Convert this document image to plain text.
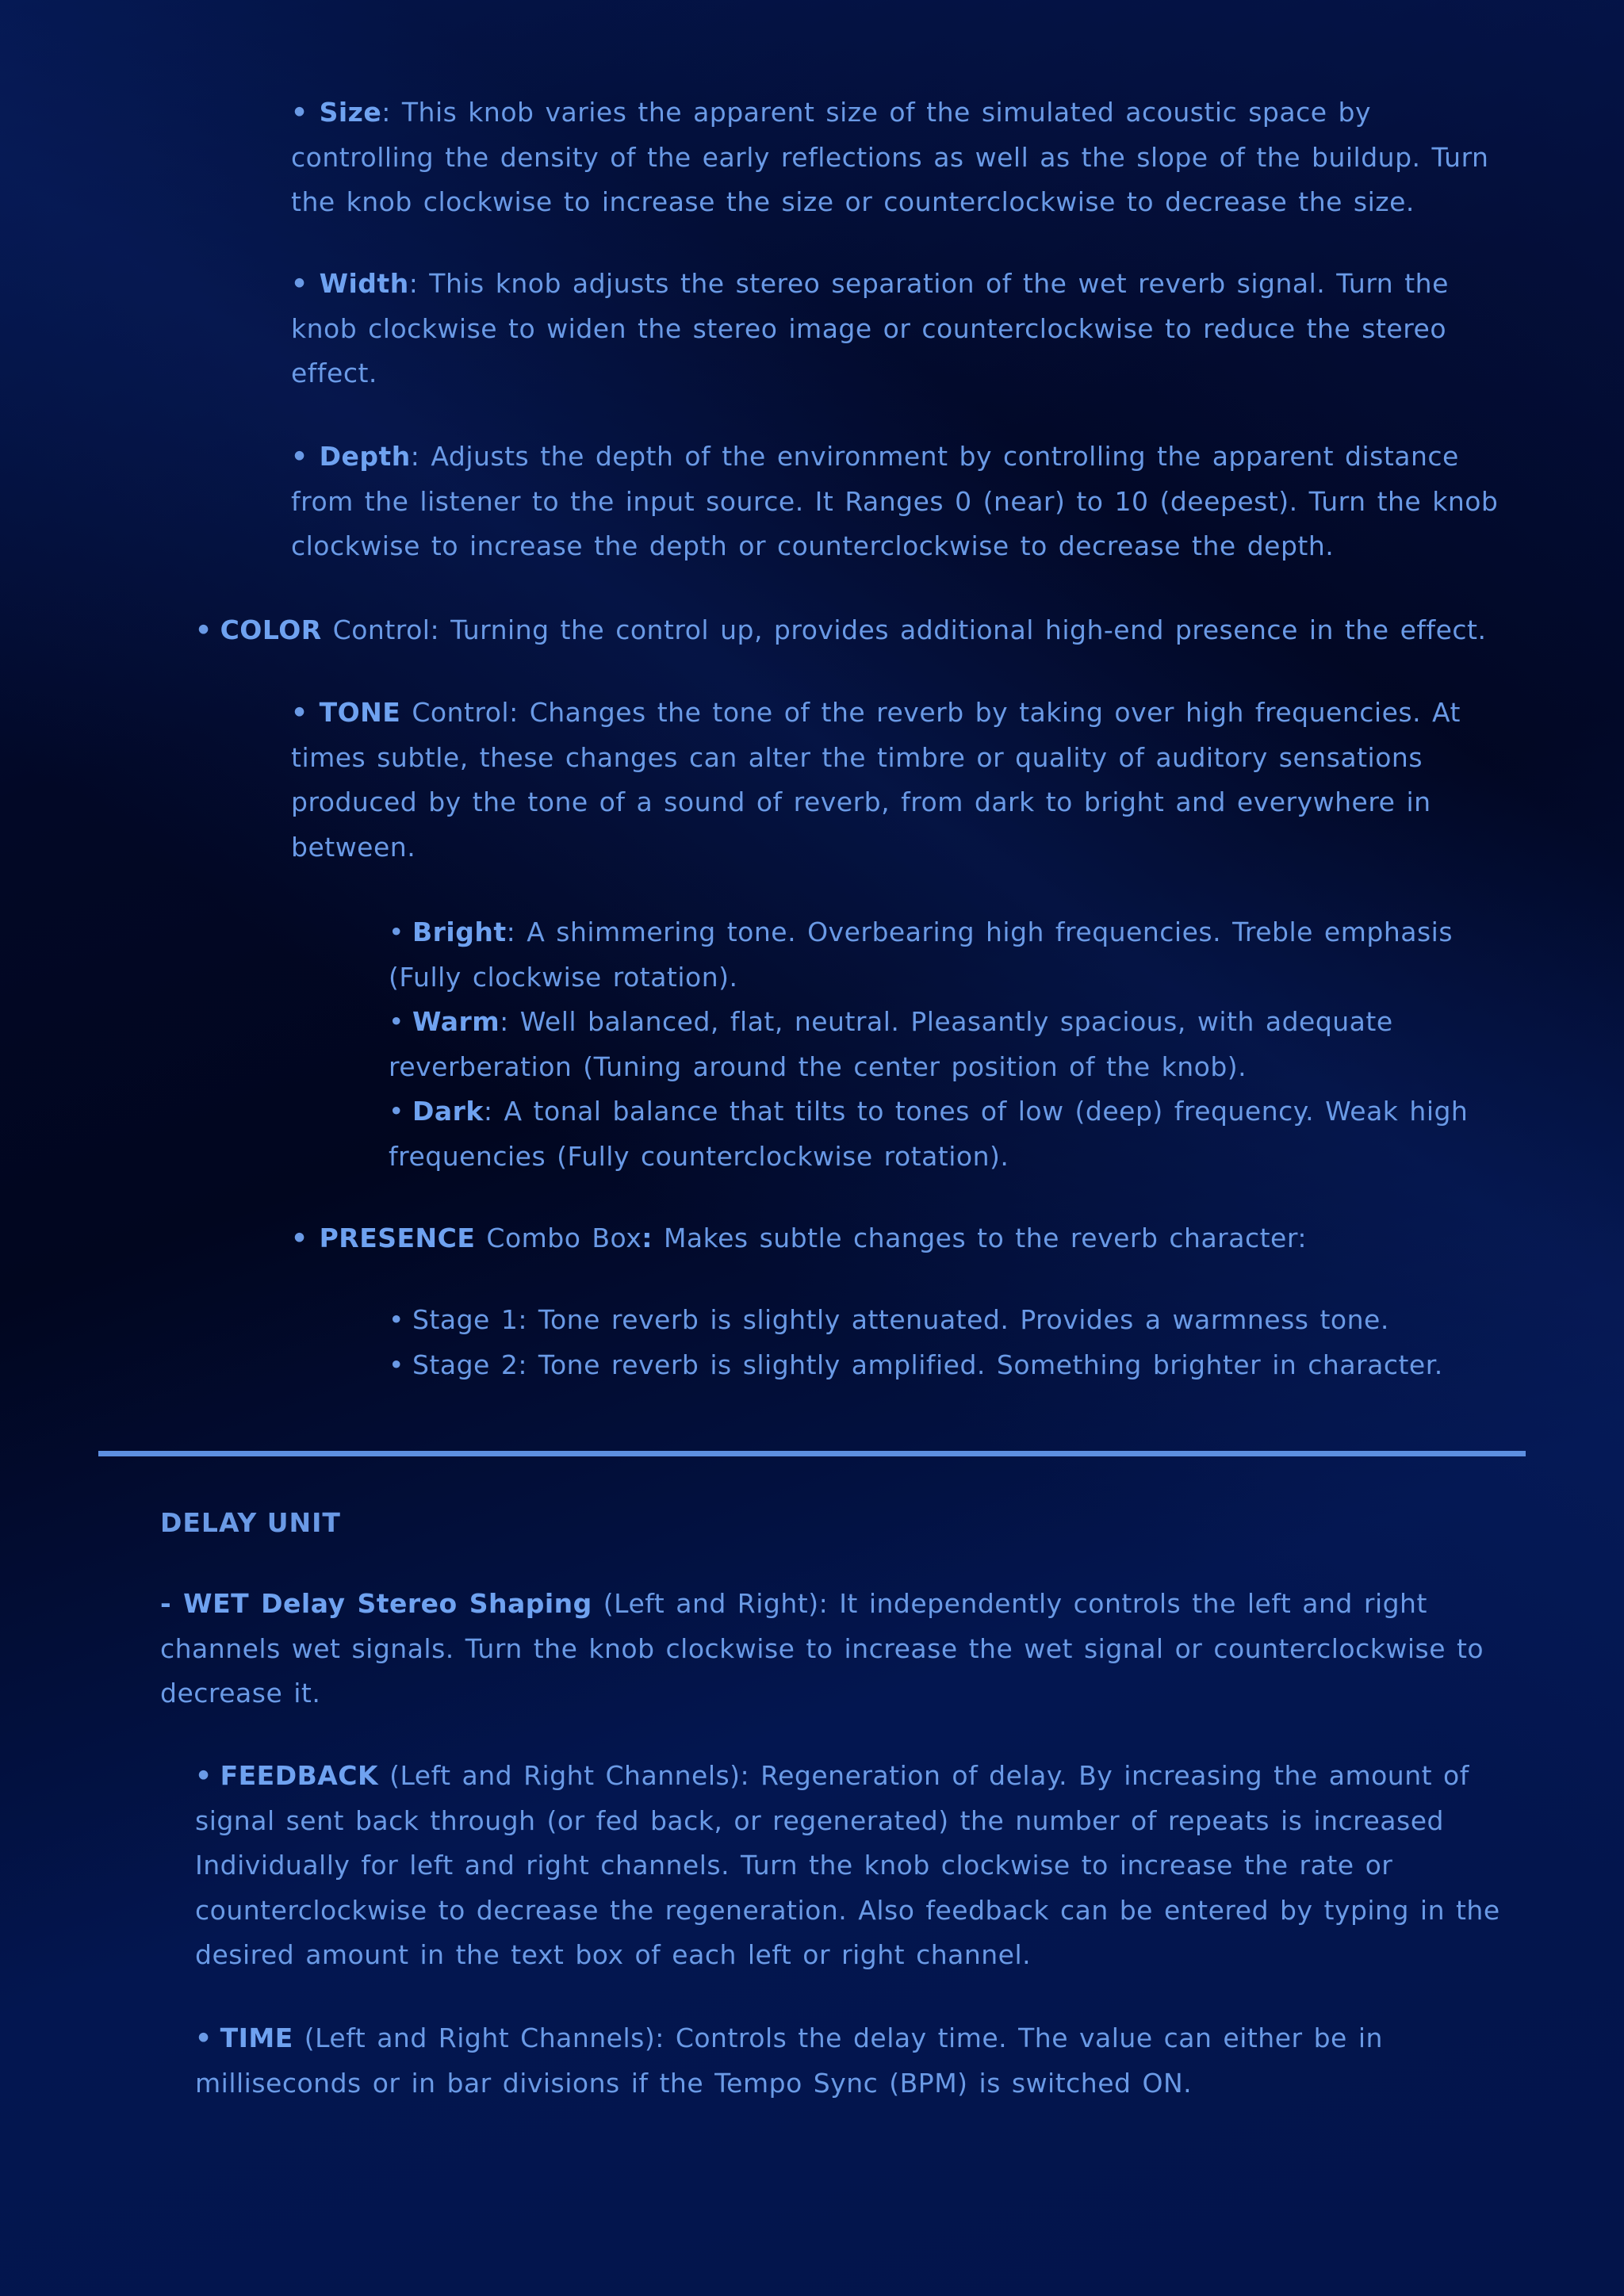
• Size: This knob varies the apparent size of the simulated acoustic space by controlling the density of the early reflections as well as the slope of the buildup. Turn the knob clockwise to increase the size or counterclockwise to decrease the size.
• Width: This knob adjusts the stereo separation of the wet reverb signal. Turn the knob clockwise to widen the stereo image or counterclockwise to reduce the stereo effect.
• Depth: Adjusts the depth of the environment by controlling the apparent distance from the listener to the input source. It Ranges 0 (near) to 10 (deepest). Turn the knob clockwise to increase the depth or counterclockwise to decrease the depth.
• COLOR Control: Turning the control up, provides additional high-end presence in the effect.
• TONE Control: Changes the tone of the reverb by taking over high frequencies. At times subtle, these changes can alter the timbre or quality of auditory sensations produced by the tone of a sound of reverb, from dark to bright and everywhere in between.
• Bright: A shimmering tone. Overbearing high frequencies. Treble emphasis (Fully clockwise rotation).
• Warm: Well balanced, flat, neutral. Pleasantly spacious, with adequate reverberation (Tuning around the center position of the knob).
• Dark: A tonal balance that tilts to tones of low (deep) frequency. Weak high frequencies (Fully counterclockwise rotation).
• PRESENCE Combo Box: Makes subtle changes to the reverb character:
• Stage 1: Tone reverb is slightly attenuated. Provides a warmness tone.
• Stage 2: Tone reverb is slightly amplified. Something brighter in character.
DELAY UNIT
- WET Delay Stereo Shaping (Left and Right): It independently controls the left and right channels wet signals. Turn the knob clockwise to increase the wet signal or counterclockwise to decrease it.
• FEEDBACK (Left and Right Channels): Regeneration of delay. By increasing the amount of signal sent back through (or fed back, or regenerated) the number of repeats is increased Individually for left and right channels. Turn the knob clockwise to increase the rate or counterclockwise to decrease the regeneration. Also feedback can be entered by typing in the desired amount in the text box of each left or right channel.
• TIME (Left and Right Channels): Controls the delay time. The value can either be in milliseconds or in bar divisions if the Tempo Sync (BPM) is switched ON.
